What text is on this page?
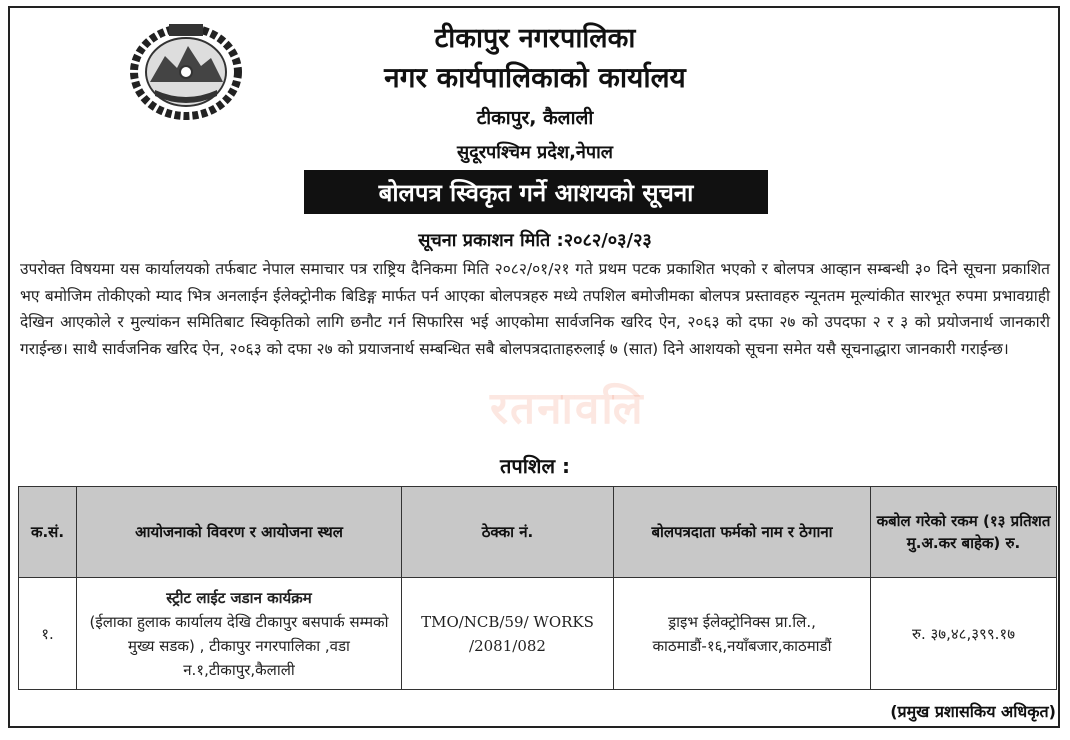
टीकापुर नगरपालिका
नगर कार्यपालिकाको कार्यालय
टीकापुर, कैलाली
सुदूरपश्चिम प्रदेश,नेपाल
बोलपत्र स्विकृत गर्ने आशयको सूचना
सूचना प्रकाशन मिति :२०८२/०३/२३
उपरोक्त विषयमा यस कार्यालयको तर्फबाट नेपाल समाचार पत्र राष्ट्रिय दैनिकमा मिति २०८२/०१/२१ गते प्रथम पटक प्रकाशित भएको र बोलपत्र आव्हान सम्बन्धी ३० दिने सूचना प्रकाशित भए बमोजिम तोकीएको म्याद भित्र अनलाईन ईलेक्ट्रोनीक बिडिङ्ग मार्फत पर्न आएका बोलपत्रहरु मध्ये तपशिल बमोजीमका बोलपत्र प्रस्तावहरु न्यूनतम मूल्यांकीत सारभूत रुपमा प्रभावग्राही देखिन आएकोले र मुल्यांकन समितिबाट स्विकृतिको लागि छनौट गर्न सिफारिस भई आएकोमा सार्वजनिक खरिद ऐन, २०६३ को दफा २७ को उपदफा २ र ३ को प्रयोजनार्थ जानकारी गराईन्छ। साथै सार्वजनिक खरिद ऐन, २०६३ को दफा २७ को प्रयाजनार्थ सम्बन्धित सबै बोलपत्रदाताहरुलाई ७ (सात) दिने आशयको सूचना समेत यसै सूचनाद्धारा जानकारी गराईन्छ।
रतनावलि
तपशिल :
क.सं.	आयोजनाको विवरण र आयोजना स्थल	ठेक्का नं.	बोलपत्रदाता फर्मको नाम र ठेगाना	कबोल गरेको रकम (१३ प्रतिशत मु.अ.कर बाहेक) रु.
१.	स्ट्रीट लाईट जडान कार्यक्रम
(ईलाका हुलाक कार्यालय देखि टीकापुर बसपार्क सम्मको मुख्य सडक) , टीकापुर नगरपालिका ,वडा न.१,टीकापुर,कैलाली	TMO/NCB/59/ WORKS /2081/082	ड्राइभ ईलेक्ट्रोनिक्स प्रा.लि., काठमाडौं-१६,नयाँबजार,काठमाडौं	रु. ३७,४८,३९९.१७
(प्रमुख प्रशासकिय अधिकृत)
